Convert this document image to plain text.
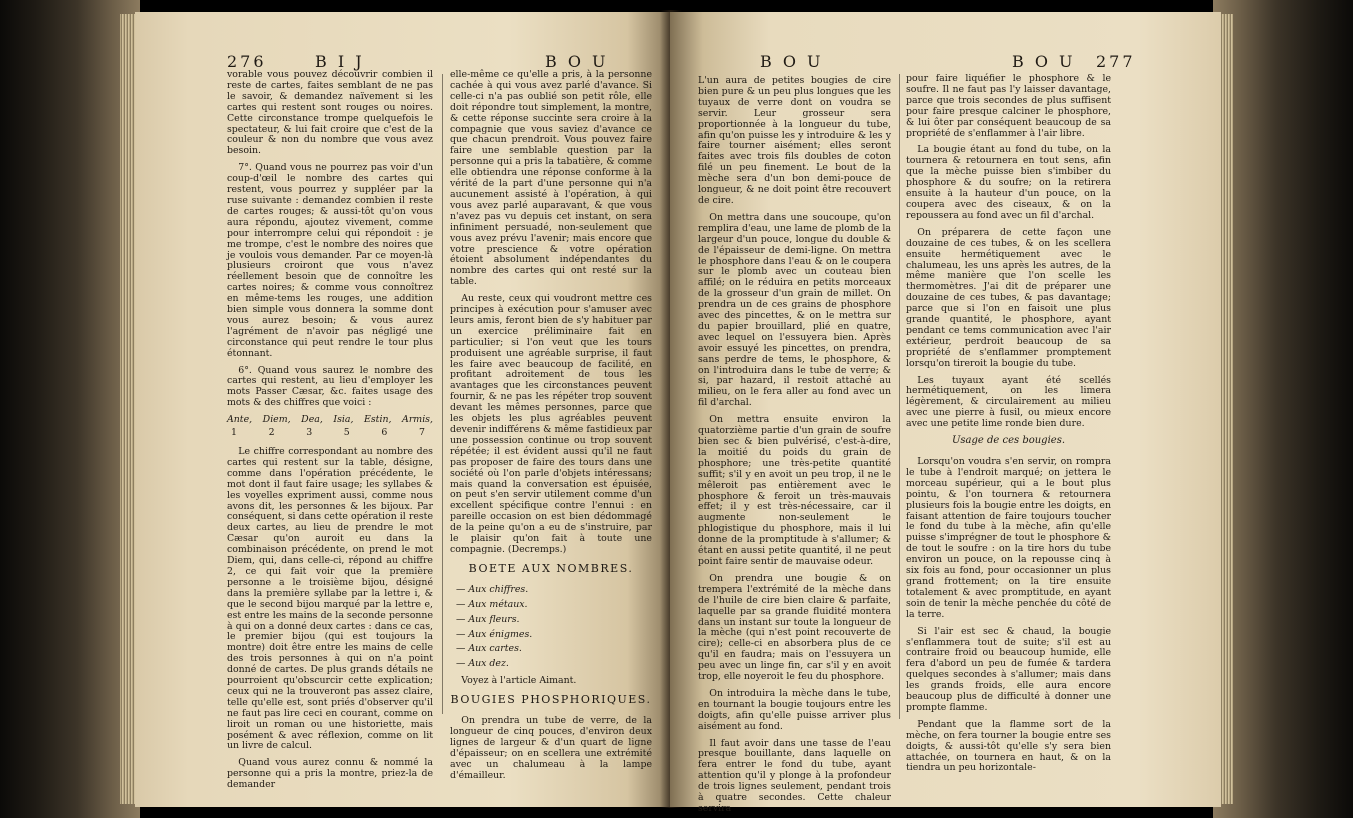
276	B I J	B O U

vorable vous pouvez découvrir combien il reste de cartes, faites semblant de ne pas le savoir, & demandez naïvement si les cartes qui restent sont rouges ou noires. Cette circonstance trompe quelquefois le spectateur, & lui fait croire que c'est de la couleur & non du nombre que vous avez besoin.

7°. Quand vous ne pourrez pas voir d'un coup-d'œil le nombre des cartes qui restent, vous pourrez y suppléer par la ruse suivante : demandez combien il reste de cartes rouges; & aussi-tôt qu'on vous aura répondu, ajoutez vivement, comme pour interrompre celui qui répondoit : je me trompe, c'est le nombre des noires que je voulois vous demander. Par ce moyen-là plusieurs croiront que vous n'avez réellement besoin que de connoître les cartes noires; & comme vous connoîtrez en même-tems les rouges, une addition bien simple vous donnera la somme dont vous aurez besoin; & vous aurez l'agrément de n'avoir pas négligé une circonstance qui peut rendre le tour plus étonnant.

6°. Quand vous saurez le nombre des cartes qui restent, au lieu d'employer les mots Passer Cæsar, &c. faites usage des mots & des chiffres que voici :

Ante, Diem, Dea, Isia, Estin, Armis,
1	2	3	5	6	7

Le chiffre correspondant au nombre des cartes qui restent sur la table, désigne, comme dans l'opération précédente, le mot dont il faut faire usage; les syllabes & les voyelles expriment aussi, comme nous avons dit, les personnes & les bijoux. Par conséquent, si dans cette opération il reste deux cartes, au lieu de prendre le mot Cæsar qu'on auroit eu dans la combinaison précédente, on prend le mot Diem, qui, dans celle-ci, répond au chiffre 2, ce qui fait voir que la première personne a le troisième bijou, désigné dans la première syllabe par la lettre i, & que le second bijou marqué par la lettre e, est entre les mains de la seconde personne à qui on a donné deux cartes : dans ce cas, le premier bijou (qui est toujours la montre) doit être entre les mains de celle des trois personnes à qui on n'a point donné de cartes. De plus grands détails ne pourroient qu'obscurcir cette explication; ceux qui ne la trouveront pas assez claire, telle qu'elle est, sont priés d'observer qu'il ne faut pas lire ceci en courant, comme on liroit un roman ou une historiette, mais posément & avec réflexion, comme on lit un livre de calcul.

Quand vous aurez connu & nommé la personne qui a pris la montre, priez-la de demander

elle-même ce qu'elle a pris, à la personne cachée à qui vous avez parlé d'avance. Si celle-ci n'a pas oublié son petit rôle, elle doit répondre tout simplement, la montre, & cette réponse succinte sera croire à la compagnie que vous saviez d'avance ce que chacun prendroit. Vous pouvez faire faire une semblable question par la personne qui a pris la tabatière, & comme elle obtiendra une réponse conforme à la vérité de la part d'une personne qui n'a aucunement assisté à l'opération, à qui vous avez parlé auparavant, & que vous n'avez pas vu depuis cet instant, on sera infiniment persuadé, non-seulement que vous avez prévu l'avenir; mais encore que votre prescience & votre opération étoient absolument indépendantes du nombre des cartes qui ont resté sur la table.

Au reste, ceux qui voudront mettre ces principes à exécution pour s'amuser avec leurs amis, feront bien de s'y habituer par un exercice préliminaire fait en particulier; si l'on veut que les tours produisent une agréable surprise, il faut les faire avec beaucoup de facilité, en profitant adroitement de tous les avantages que les circonstances peuvent fournir, & ne pas les répéter trop souvent devant les mêmes personnes, parce que les objets les plus agréables peuvent devenir indifférens & même fastidieux par une possession continue ou trop souvent répétée; il est évident aussi qu'il ne faut pas proposer de faire des tours dans une société où l'on parle d'objets intéressans; mais quand la conversation est épuisée, on peut s'en servir utilement comme d'un excellent spécifique contre l'ennui : en pareille occasion on est bien dédommagé de la peine qu'on a eu de s'instruire, par le plaisir qu'on fait à toute une compagnie. (Decremps.)

BOETE AUX NOMBRES.
— Aux chiffres.
— Aux métaux.
— Aux fleurs.
— Aux énigmes.
— Aux cartes.
— Aux dez.

Voyez à l'article Aimant.

BOUGIES PHOSPHORIQUES.

On prendra un tube de verre, de la longueur de cinq pouces, d'environ deux lignes de largeur & d'un quart de ligne d'épaisseur; on en scellera une extrémité avec un chalumeau à la lampe d'émailleur.

B O U	B O U 277

L'un aura de petites bougies de cire bien pure & un peu plus longues que les tuyaux de verre dont on voudra se servir. Leur grosseur sera proportionnée à la longueur du tube, afin qu'on puisse les y introduire & les y faire tourner aisément; elles seront faites avec trois fils doubles de coton filé un peu finement. Le bout de la mèche sera d'un bon demi-pouce de longueur, & ne doit point être recouvert de cire.

On mettra dans une soucoupe, qu'on remplira d'eau, une lame de plomb de la largeur d'un pouce, longue du double & de l'épaisseur de demi-ligne. On mettra le phosphore dans l'eau & on le coupera sur le plomb avec un couteau bien affilé; on le réduira en petits morceaux de la grosseur d'un grain de millet. On prendra un de ces grains de phosphore avec des pincettes, & on le mettra sur du papier brouillard, plié en quatre, avec lequel on l'essuyera bien. Après avoir essuyé les pincettes, on prendra, sans perdre de tems, le phosphore, & on l'introduira dans le tube de verre; & si, par hazard, il restoit attaché au milieu, on le fera aller au fond avec un fil d'archal.

On mettra ensuite environ la quatorzième partie d'un grain de soufre bien sec & bien pulvérisé, c'est-à-dire, la moitié du poids du grain de phosphore; une très-petite quantité suffit; s'il y en avoit un peu trop, il ne le mêleroit pas entièrement avec le phosphore & feroit un très-mauvais effet; il y est très-nécessaire, car il augmente non-seulement le phlogistique du phosphore, mais il lui donne de la promptitude à s'allumer; & étant en aussi petite quantité, il ne peut point faire sentir de mauvaise odeur.

On prendra une bougie & on trempera l'extrémité de la mèche dans de l'huile de cire bien claire & parfaite, laquelle par sa grande fluidité montera dans un instant sur toute la longueur de la mèche (qui n'est point recouverte de cire); celle-ci en absorbera plus de ce qu'il en faudra; mais on l'essuyera un peu avec un linge fin, car s'il y en avoit trop, elle noyeroit le feu du phosphore.

On introduira la mèche dans le tube, en tournant la bougie toujours entre les doigts, afin qu'elle puisse arriver plus aisément au fond.

Il faut avoir dans une tasse de l'eau presque bouillante, dans laquelle on fera entrer le fond du tube, ayant attention qu'il y plonge à la profondeur de trois lignes seulement, pendant trois à quatre secondes. Cette chaleur servira

pour faire liquéfier le phosphore & le soufre. Il ne faut pas l'y laisser davantage, parce que trois secondes de plus suffisent pour faire presque calciner le phosphore, & lui ôter par conséquent beaucoup de sa propriété de s'enflammer à l'air libre.

La bougie étant au fond du tube, on la tournera & retournera en tout sens, afin que la mèche puisse bien s'imbiber du phosphore & du soufre; on la retirera ensuite à la hauteur d'un pouce, on la coupera avec des ciseaux, & on la repoussera au fond avec un fil d'archal.

On préparera de cette façon une douzaine de ces tubes, & on les scellera ensuite hermétiquement avec le chalumeau, les uns après les autres, de la même manière que l'on scelle les thermomètres. J'ai dit de préparer une douzaine de ces tubes, & pas davantage; parce que si l'on en faisoit une plus grande quantité, le phosphore, ayant pendant ce tems communication avec l'air extérieur, perdroit beaucoup de sa propriété de s'enflammer promptement lorsqu'on tireroit la bougie du tube.

Les tuyaux ayant été scellés hermétiquement, on les limera légèrement, & circulairement au milieu avec une pierre à fusil, ou mieux encore avec une petite lime ronde bien dure.

Usage de ces bougies.

Lorsqu'on voudra s'en servir, on rompra le tube à l'endroit marqué; on jettera le morceau supérieur, qui a le bout plus pointu, & l'on tournera & retournera plusieurs fois la bougie entre les doigts, en faisant attention de faire toujours toucher le fond du tube à la mèche, afin qu'elle puisse s'imprégner de tout le phosphore & de tout le soufre : on la tire hors du tube environ un pouce, on la repousse cinq à six fois au fond, pour occasionner un plus grand frottement; on la tire ensuite totalement & avec promptitude, en ayant soin de tenir la mèche penchée du côté de la terre.

Si l'air est sec & chaud, la bougie s'enflammera tout de suite; s'il est au contraire froid ou beaucoup humide, elle fera d'abord un peu de fumée & tardera quelques secondes à s'allumer; mais dans les grands froids, elle aura encore beaucoup plus de difficulté à donner une prompte flamme.

Pendant que la flamme sort de la mèche, on fera tourner la bougie entre ses doigts, & aussi-tôt qu'elle s'y sera bien attachée, on tournera en haut, & on la tiendra un peu horizontale-
